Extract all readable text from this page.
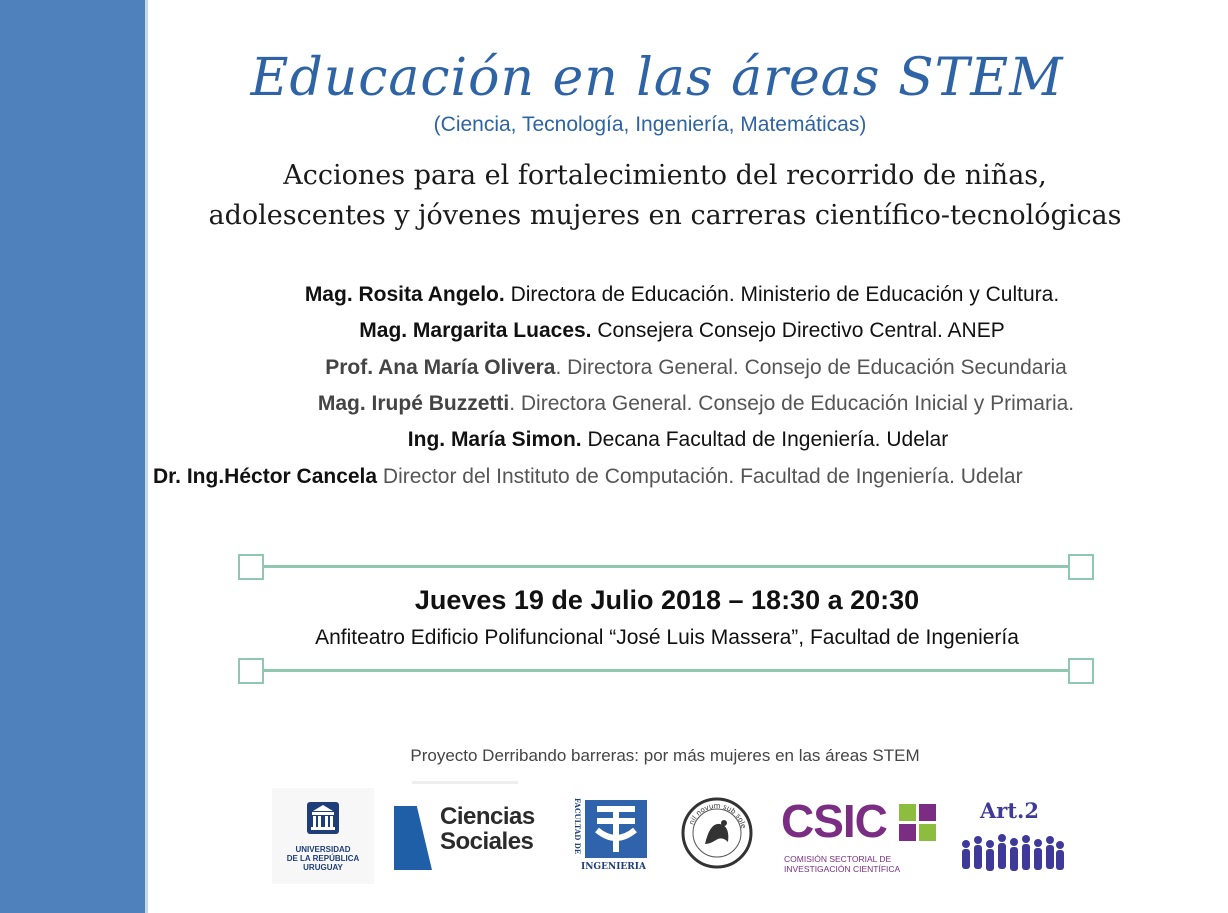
Educación en las áreas STEM
(Ciencia, Tecnología, Ingeniería, Matemáticas)
Acciones para el fortalecimiento del recorrido de niñas,
adolescentes y jóvenes mujeres en carreras científico-tecnológicas
Mag. Rosita Angelo. Directora de Educación. Ministerio de Educación y Cultura.
Mag. Margarita Luaces. Consejera Consejo Directivo Central. ANEP
Prof. Ana María Olivera. Directora General. Consejo de Educación Secundaria
Mag. Irupé Buzzetti. Directora General. Consejo de Educación Inicial y Primaria.
Ing. María Simon. Decana Facultad de Ingeniería. Udelar
Dr. Ing.Héctor Cancela Director del Instituto de Computación. Facultad de Ingeniería. Udelar
Jueves 19 de Julio 2018 – 18:30 a 20:30
Anfiteatro Edificio Polifuncional “José Luis Massera”, Facultad de Ingeniería
Proyecto Derribando barreras: por más mujeres en las áreas STEM
UNIVERSIDAD
DE LA REPÚBLICA
URUGUAY
Ciencias
Sociales	FACULTAD DE
INGENIERIA
nil novum sub sole CSIC
COMISIÓN SECTORIAL DE
INVESTIGACIÓN CIENTÍFICA
Art.2
